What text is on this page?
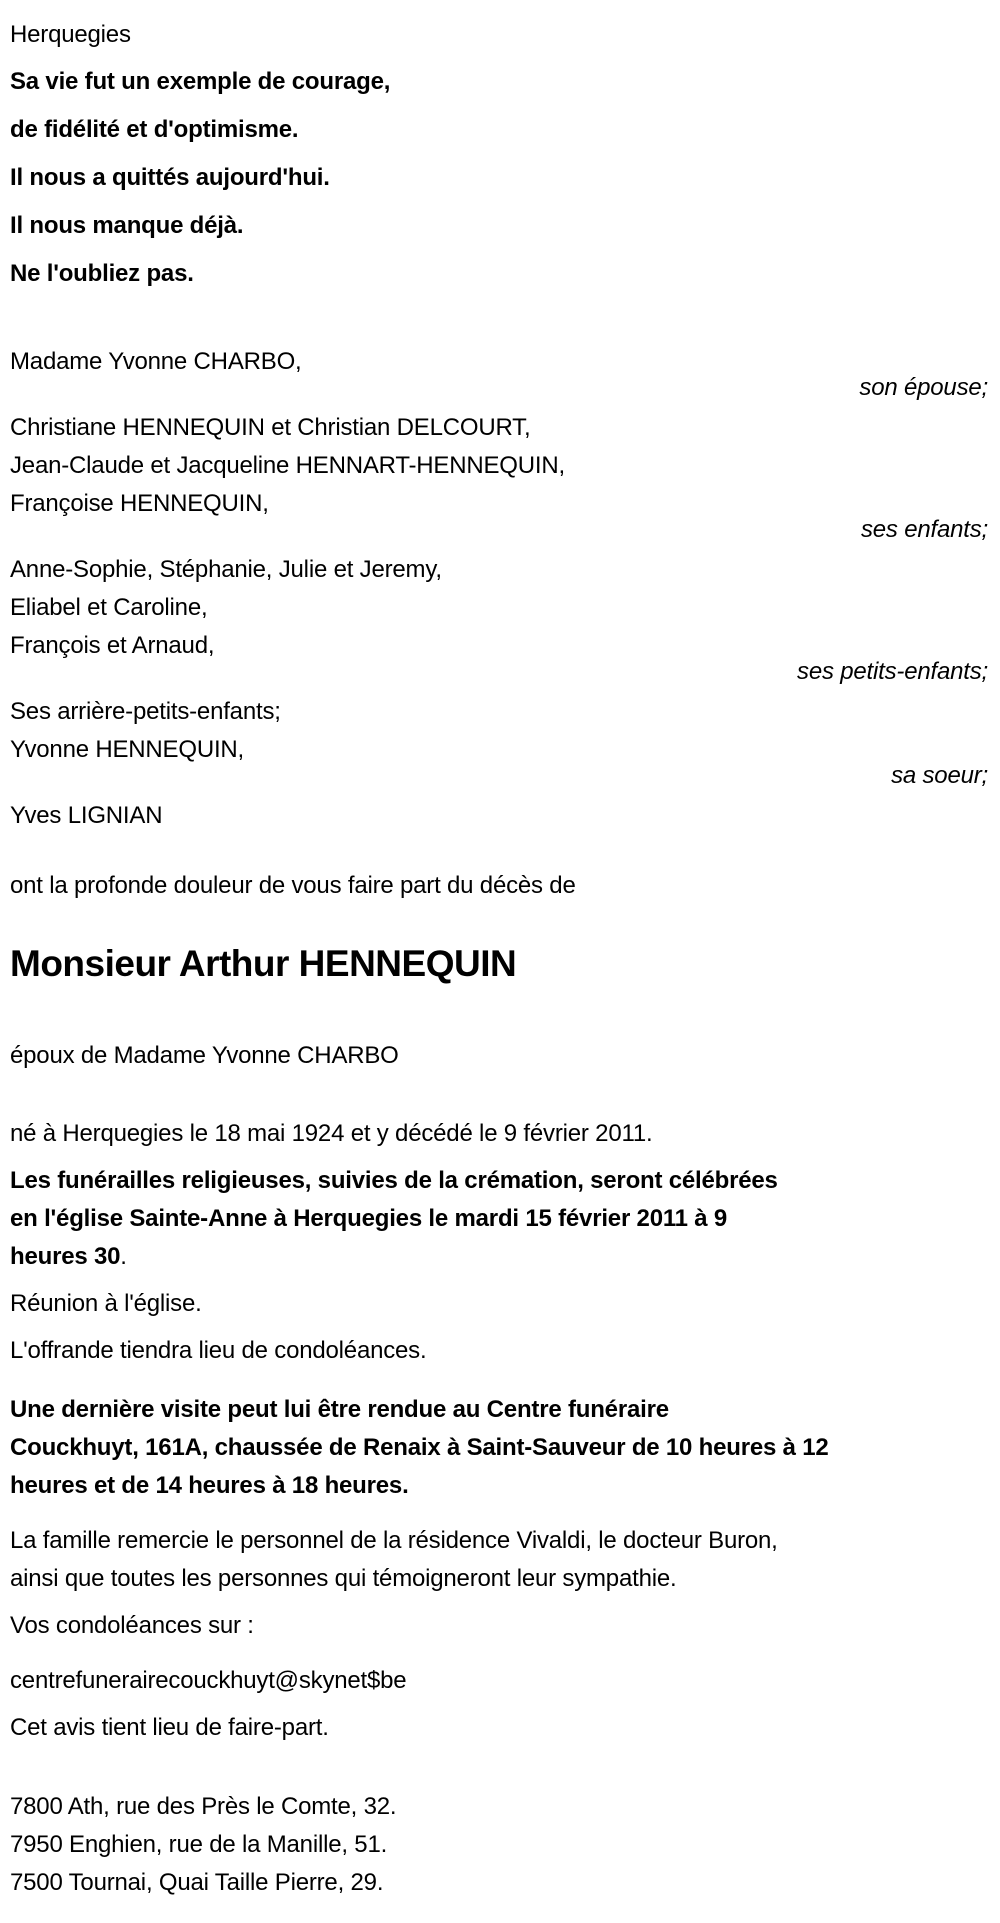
Herquegies
Sa vie fut un exemple de courage,
de fidélité et d'optimisme.
Il nous a quittés aujourd'hui.
Il nous manque déjà.
Ne l'oubliez pas.
Madame Yvonne CHARBO,
son épouse;
Christiane HENNEQUIN et Christian DELCOURT,
Jean-Claude et Jacqueline HENNART-HENNEQUIN,
Françoise HENNEQUIN,
ses enfants;
Anne-Sophie, Stéphanie, Julie et Jeremy,
Eliabel et Caroline,
François et Arnaud,
ses petits-enfants;
Ses arrière-petits-enfants;
Yvonne HENNEQUIN,
sa soeur;
Yves LIGNIAN
ont la profonde douleur de vous faire part du décès de
Monsieur Arthur HENNEQUIN
époux de Madame Yvonne CHARBO
né à Herquegies le 18 mai 1924 et y décédé le 9 février 2011.
Les funérailles religieuses, suivies de la crémation, seront célébrées
en l'église Sainte-Anne à Herquegies le mardi 15 février 2011 à 9
heures 30.
Réunion à l'église.
L'offrande tiendra lieu de condoléances.
Une dernière visite peut lui être rendue au Centre funéraire
Couckhuyt, 161A, chaussée de Renaix à Saint-Sauveur de 10 heures à 12
heures et de 14 heures à 18 heures.
La famille remercie le personnel de la résidence Vivaldi, le docteur Buron,
ainsi que toutes les personnes qui témoigneront leur sympathie.
Vos condoléances sur :
centrefunerairecouckhuyt@skynet$be
Cet avis tient lieu de faire-part.
7800 Ath, rue des Près le Comte, 32.
7950 Enghien, rue de la Manille, 51.
7500 Tournai, Quai Taille Pierre, 29.
